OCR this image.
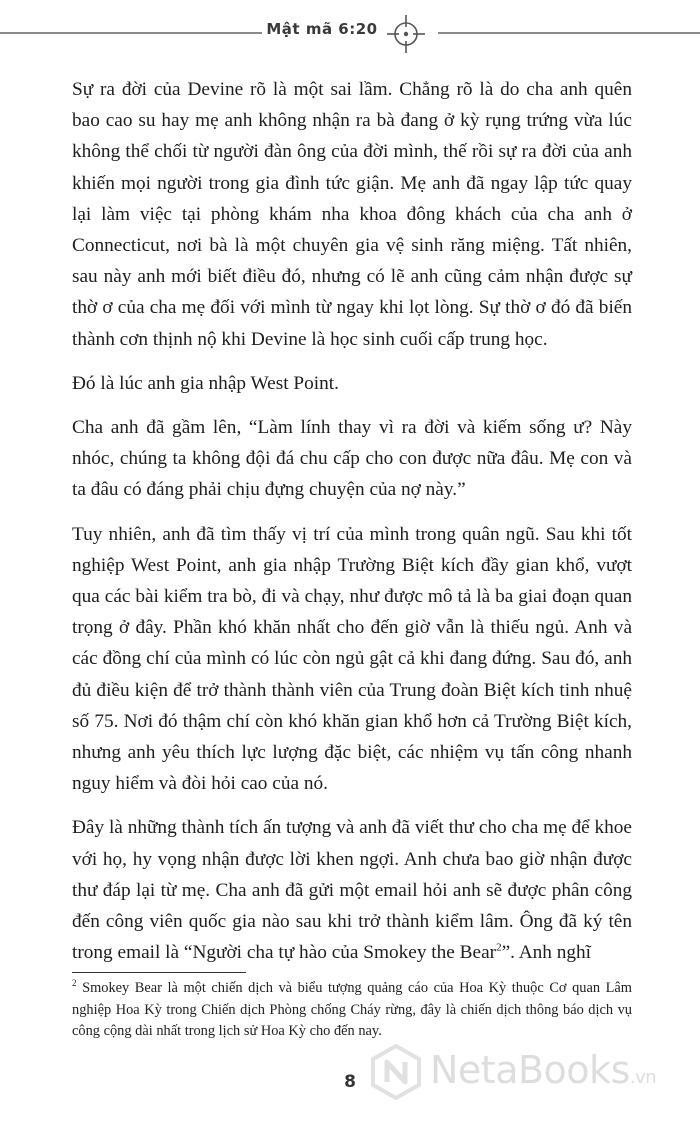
Mật mã 6:20

Sự ra đời của Devine rõ là một sai lầm. Chẳng rõ là do cha anh quên bao cao su hay mẹ anh không nhận ra bà đang ở kỳ rụng trứng vừa lúc không thể chối từ người đàn ông của đời mình, thế rồi sự ra đời của anh khiến mọi người trong gia đình tức giận. Mẹ anh đã ngay lập tức quay lại làm việc tại phòng khám nha khoa đông khách của cha anh ở Connecticut, nơi bà là một chuyên gia vệ sinh răng miệng. Tất nhiên, sau này anh mới biết điều đó, nhưng có lẽ anh cũng cảm nhận được sự thờ ơ của cha mẹ đối với mình từ ngay khi lọt lòng. Sự thờ ơ đó đã biến thành cơn thịnh nộ khi Devine là học sinh cuối cấp trung học.

Đó là lúc anh gia nhập West Point.

Cha anh đã gầm lên, “Làm lính thay vì ra đời và kiếm sống ư? Này nhóc, chúng ta không đội đá chu cấp cho con được nữa đâu. Mẹ con và ta đâu có đáng phải chịu đựng chuyện của nợ này.”

Tuy nhiên, anh đã tìm thấy vị trí của mình trong quân ngũ. Sau khi tốt nghiệp West Point, anh gia nhập Trường Biệt kích đầy gian khổ, vượt qua các bài kiểm tra bò, đi và chạy, như được mô tả là ba giai đoạn quan trọng ở đây. Phần khó khăn nhất cho đến giờ vẫn là thiếu ngủ. Anh và các đồng chí của mình có lúc còn ngủ gật cả khi đang đứng. Sau đó, anh đủ điều kiện để trở thành thành viên của Trung đoàn Biệt kích tinh nhuệ số 75. Nơi đó thậm chí còn khó khăn gian khổ hơn cả Trường Biệt kích, nhưng anh yêu thích lực lượng đặc biệt, các nhiệm vụ tấn công nhanh nguy hiểm và đòi hỏi cao của nó.

Đây là những thành tích ấn tượng và anh đã viết thư cho cha mẹ để khoe với họ, hy vọng nhận được lời khen ngợi. Anh chưa bao giờ nhận được thư đáp lại từ mẹ. Cha anh đã gửi một email hỏi anh sẽ được phân công đến công viên quốc gia nào sau khi trở thành kiểm lâm. Ông đã ký tên trong email là “Người cha tự hào của Smokey the Bear$^2$”. Anh nghĩ

$^2$ Smokey Bear là một chiến dịch và biểu tượng quảng cáo của Hoa Kỳ thuộc Cơ quan Lâm nghiệp Hoa Kỳ trong Chiến dịch Phòng chống Cháy rừng, đây là chiến dịch thông báo dịch vụ công cộng dài nhất trong lịch sử Hoa Kỳ cho đến nay.
8	NetaBooks.vn
